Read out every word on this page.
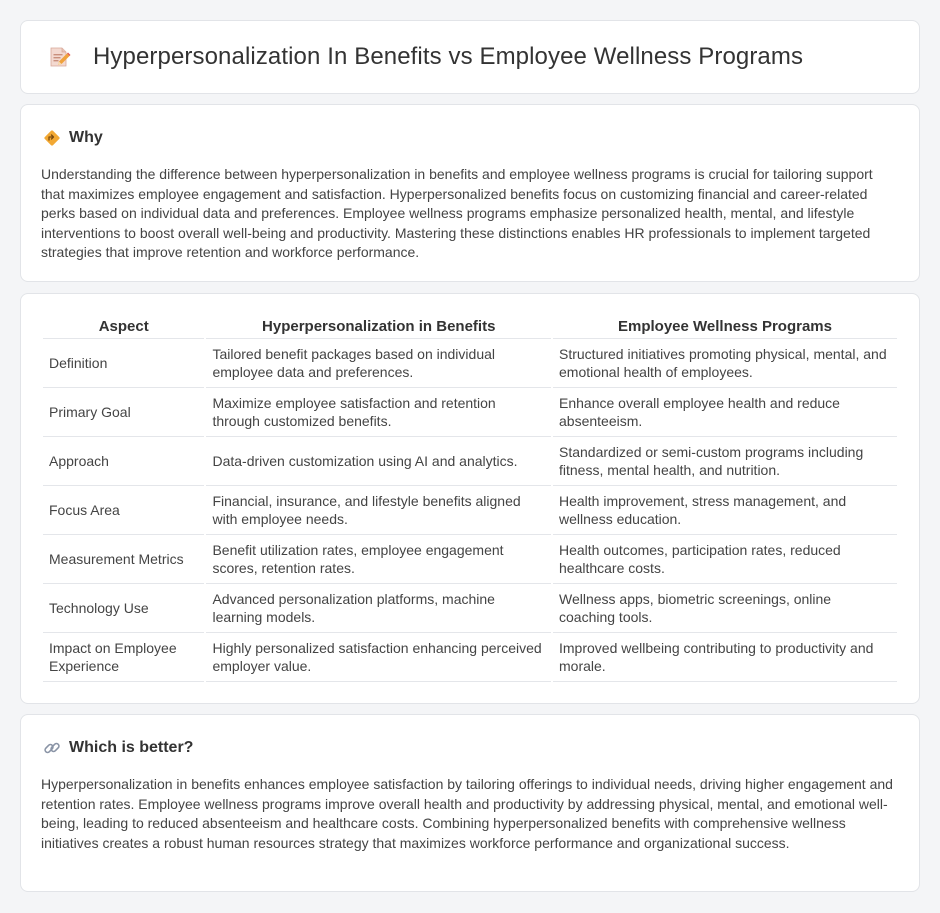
Hyperpersonalization In Benefits vs Employee Wellness Programs
Why

Understanding the difference between hyperpersonalization in benefits and employee wellness programs is crucial for tailoring support that maximizes employee engagement and satisfaction. Hyperpersonalized benefits focus on customizing financial and career-related perks based on individual data and preferences. Employee wellness programs emphasize personalized health, mental, and lifestyle interventions to boost overall well-being and productivity. Mastering these distinctions enables HR professionals to implement targeted strategies that improve retention and workforce performance.

Aspect	Hyperpersonalization in Benefits	Employee Wellness Programs
Definition	Tailored benefit packages based on individual employee data and preferences.	Structured initiatives promoting physical, mental, and emotional health of employees.
Primary Goal	Maximize employee satisfaction and retention through customized benefits.	Enhance overall employee health and reduce absenteeism.
Approach	Data-driven customization using AI and analytics.	Standardized or semi-custom programs including fitness, mental health, and nutrition.
Focus Area	Financial, insurance, and lifestyle benefits aligned with employee needs.	Health improvement, stress management, and wellness education.
Measurement Metrics	Benefit utilization rates, employee engagement scores, retention rates.	Health outcomes, participation rates, reduced healthcare costs.
Technology Use	Advanced personalization platforms, machine learning models.	Wellness apps, biometric screenings, online coaching tools.
Impact on Employee Experience	Highly personalized satisfaction enhancing perceived employer value.	Improved wellbeing contributing to productivity and morale.
Which is better?

Hyperpersonalization in benefits enhances employee satisfaction by tailoring offerings to individual needs, driving higher engagement and retention rates. Employee wellness programs improve overall health and productivity by addressing physical, mental, and emotional well-being, leading to reduced absenteeism and healthcare costs. Combining hyperpersonalized benefits with comprehensive wellness initiatives creates a robust human resources strategy that maximizes workforce performance and organizational success.
